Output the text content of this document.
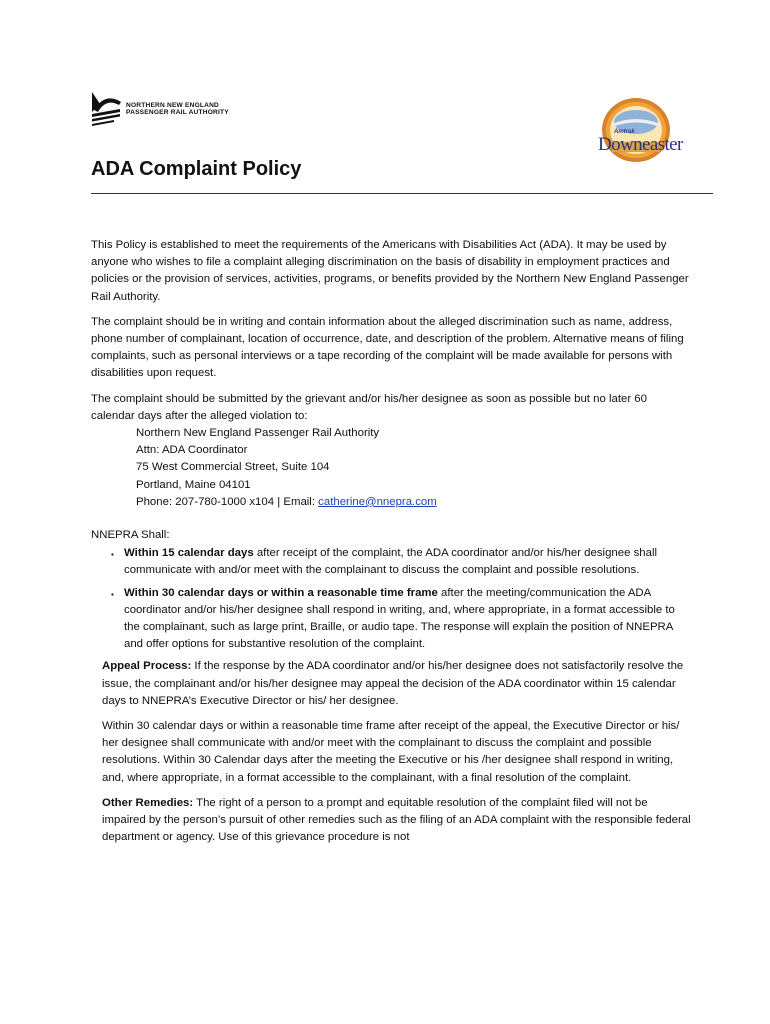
NORTHERN NEW ENGLAND
PASSENGER RAIL AUTHORITY
Amtrak
Downeaster
ADA Complaint Policy

This Policy is established to meet the requirements of the Americans with Disabilities Act (ADA). It may be used by anyone who wishes to file a complaint alleging discrimination on the basis of disability in employment practices and policies or the provision of services, activities, programs, or benefits provided by the Northern New England Passenger Rail Authority.

The complaint should be in writing and contain information about the alleged discrimination such as name, address, phone number of complainant, location of occurrence, date, and description of the problem. Alternative means of filing complaints, such as personal interviews or a tape recording of the complaint will be made available for persons with disabilities upon request.

The complaint should be submitted by the grievant and/or his/her designee as soon as possible but no later 60 calendar days after the alleged violation to:

Northern New England Passenger Rail Authority
Attn: ADA Coordinator
75 West Commercial Street, Suite 104
Portland, Maine 04101
Phone: 207-780-1000 x104 | Email: catherine@nnepra.com
NNEPRA Shall:
▪ Within 15 calendar days after receipt of the complaint, the ADA coordinator and/or his/her designee shall communicate with and/or meet with the complainant to discuss the complaint and possible resolutions.
▪ Within 30 calendar days or within a reasonable time frame after the meeting/communication the ADA coordinator and/or his/her designee shall respond in writing, and, where appropriate, in a format accessible to the complainant, such as large print, Braille, or audio tape. The response will explain the position of NNEPRA and offer options for substantive resolution of the complaint.

Appeal Process: If the response by the ADA coordinator and/or his/her designee does not satisfactorily resolve the issue, the complainant and/or his/her designee may appeal the decision of the ADA coordinator within 15 calendar days to NNEPRA’s Executive Director or his/ her designee.

Within 30 calendar days or within a reasonable time frame after receipt of the appeal, the Executive Director or his/ her designee shall communicate with and/or meet with the complainant to discuss the complaint and possible resolutions. Within 30 Calendar days after the meeting the Executive or his /her designee shall respond in writing, and, where appropriate, in a format accessible to the complainant, with a final resolution of the complaint.

Other Remedies: The right of a person to a prompt and equitable resolution of the complaint filed will not be impaired by the person’s pursuit of other remedies such as the filing of an ADA complaint with the responsible federal department or agency. Use of this grievance procedure is not
